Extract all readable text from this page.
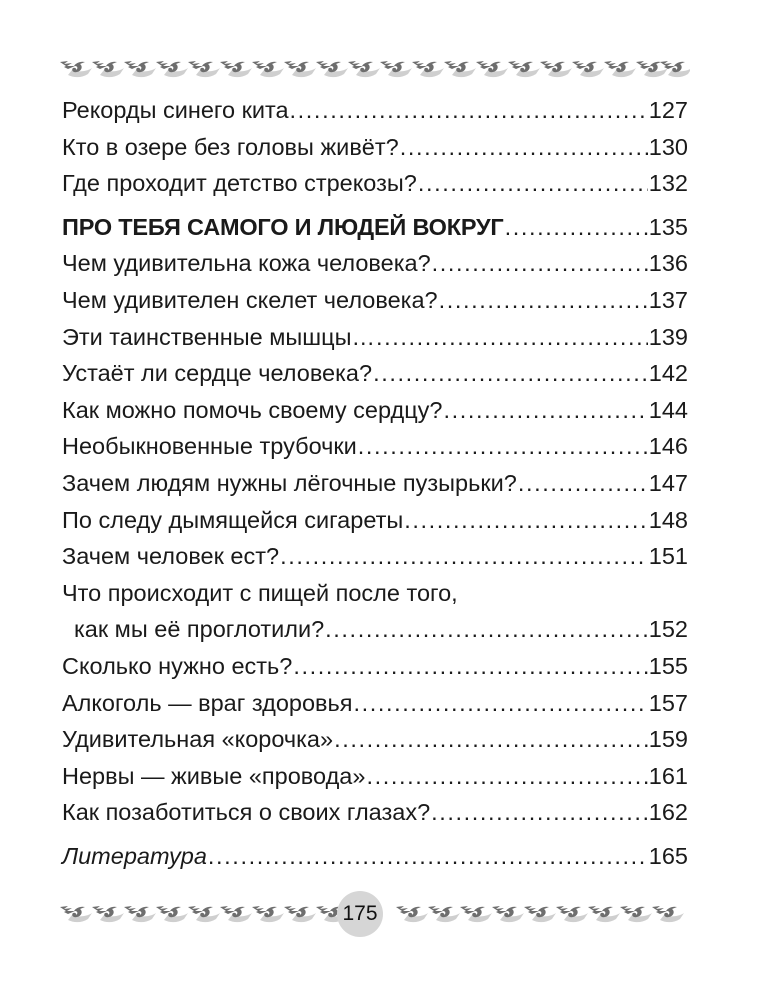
Рекорды синего кита .....	127
Кто в озере без головы живёт? .....	130
Где проходит детство стрекозы? .....	132
ПРО ТЕБЯ САМОГО И ЛЮДЕЙ ВОКРУГ .....	135
Чем удивительна кожа человека? .....	136
Чем удивителен скелет человека? .....	137
Эти таинственные мышцы… .....	139
Устаёт ли сердце человека? .....	142
Как можно помочь своему сердцу? .....	144
Необыкновенные трубочки .....	146
Зачем людям нужны лёгочные пузырьки? .....	147
По следу дымящейся сигареты .....	148
Зачем человек ест? .....	151
Что происходит с пищей после того,
как мы её проглотили? .....	152
Сколько нужно есть? .....	155
Алкоголь — враг здоровья .....	157
Удивительная «корочка» .....	159
Нервы — живые «провода» .....	161
Как позаботиться о своих глазах? .....	162
Литература .....	165
175
